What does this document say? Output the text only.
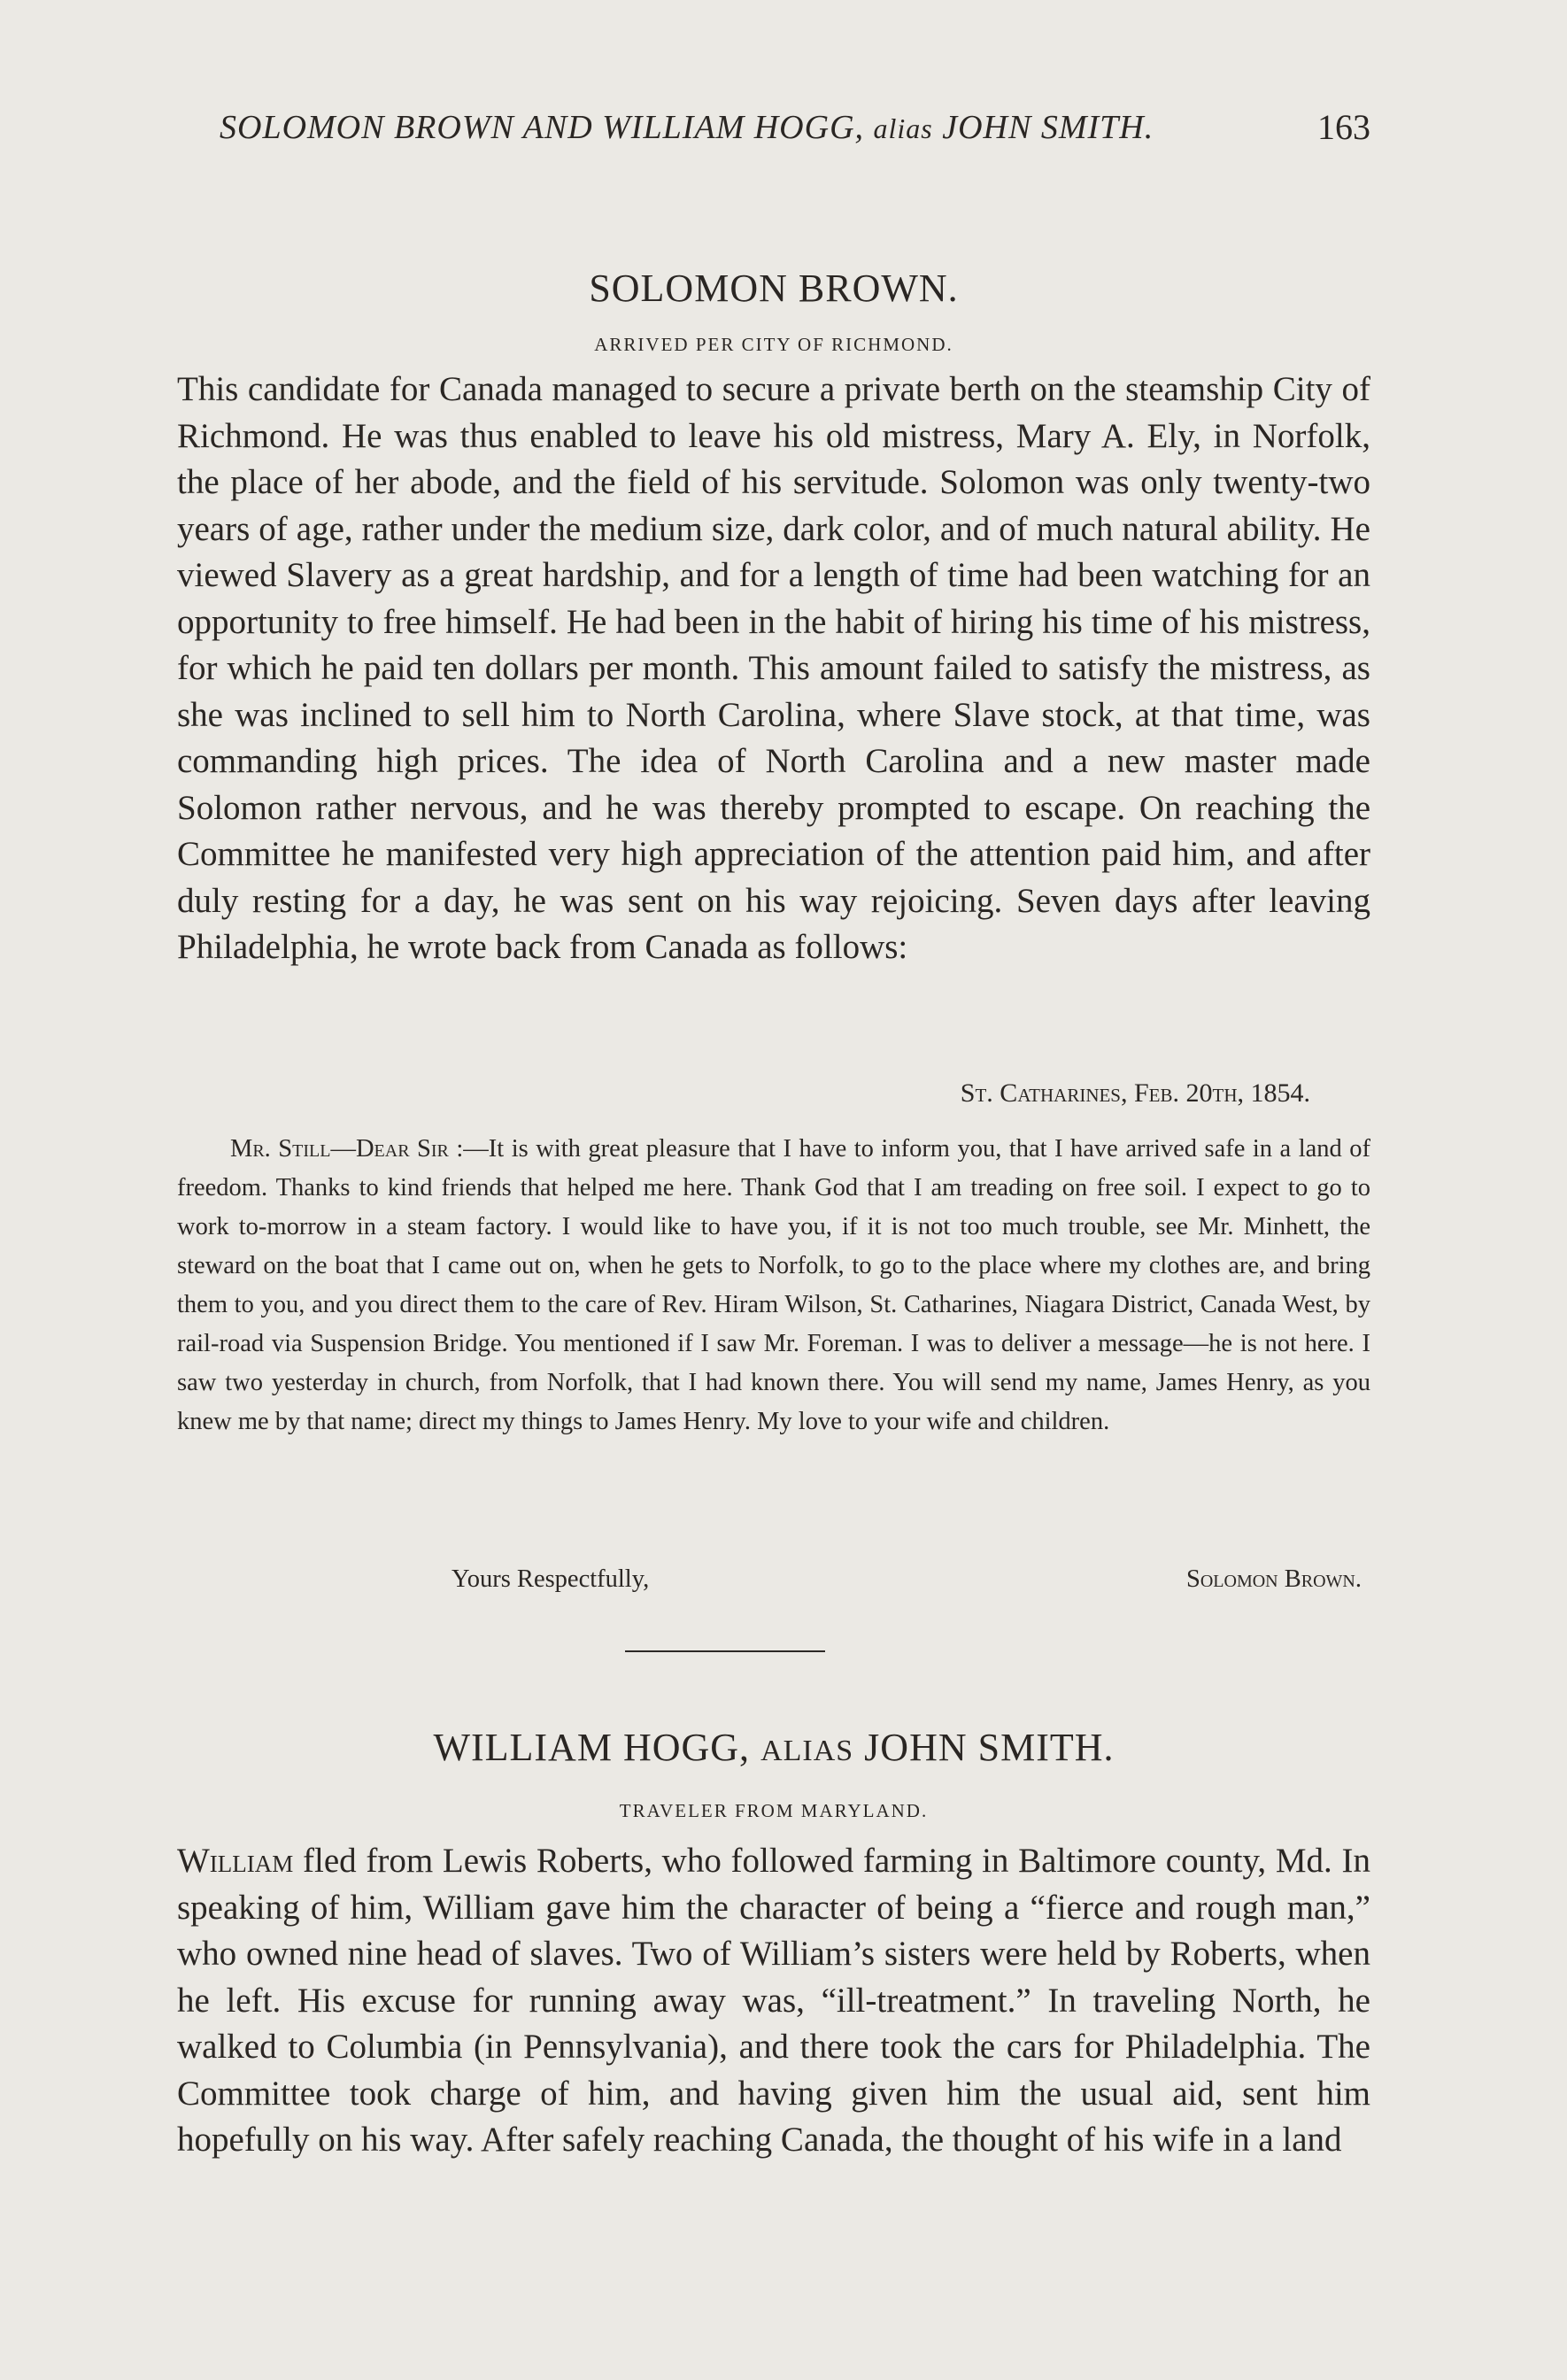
SOLOMON BROWN AND WILLIAM HOGG, alias JOHN SMITH.	163
SOLOMON BROWN.
ARRIVED PER CITY OF RICHMOND.
This candidate for Canada managed to secure a private berth on the steamship City of Richmond. He was thus enabled to leave his old mistress, Mary A. Ely, in Norfolk, the place of her abode, and the field of his servitude. Solomon was only twenty-two years of age, rather under the medium size, dark color, and of much natural ability. He viewed Slavery as a great hardship, and for a length of time had been watching for an opportunity to free himself. He had been in the habit of hiring his time of his mistress, for which he paid ten dollars per month. This amount failed to satisfy the mistress, as she was inclined to sell him to North Carolina, where Slave stock, at that time, was commanding high prices. The idea of North Carolina and a new master made Solomon rather nervous, and he was thereby prompted to escape. On reaching the Committee he manifested very high appreciation of the attention paid him, and after duly resting for a day, he was sent on his way rejoicing. Seven days after leaving Philadelphia, he wrote back from Canada as follows:
St. Catharines, Feb. 20th, 1854.
Mr. Still—Dear Sir :—It is with great pleasure that I have to inform you, that I have arrived safe in a land of freedom. Thanks to kind friends that helped me here. Thank God that I am treading on free soil. I expect to go to work to-morrow in a steam factory. I would like to have you, if it is not too much trouble, see Mr. Minhett, the steward on the boat that I came out on, when he gets to Norfolk, to go to the place where my clothes are, and bring them to you, and you direct them to the care of Rev. Hiram Wilson, St. Catharines, Niagara District, Canada West, by rail-road via Suspension Bridge. You mentioned if I saw Mr. Foreman. I was to deliver a message—he is not here. I saw two yesterday in church, from Norfolk, that I had known there. You will send my name, James Henry, as you knew me by that name; direct my things to James Henry. My love to your wife and children.
Yours Respectfully,	Solomon Brown.
WILLIAM HOGG, ALIAS JOHN SMITH.
TRAVELER FROM MARYLAND.
William fled from Lewis Roberts, who followed farming in Baltimore county, Md. In speaking of him, William gave him the character of being a “fierce and rough man,” who owned nine head of slaves. Two of William’s sisters were held by Roberts, when he left. His excuse for running away was, “ill-treatment.” In traveling North, he walked to Columbia (in Pennsylvania), and there took the cars for Philadelphia. The Committee took charge of him, and having given him the usual aid, sent him hopefully on his way. After safely reaching Canada, the thought of his wife in a land
